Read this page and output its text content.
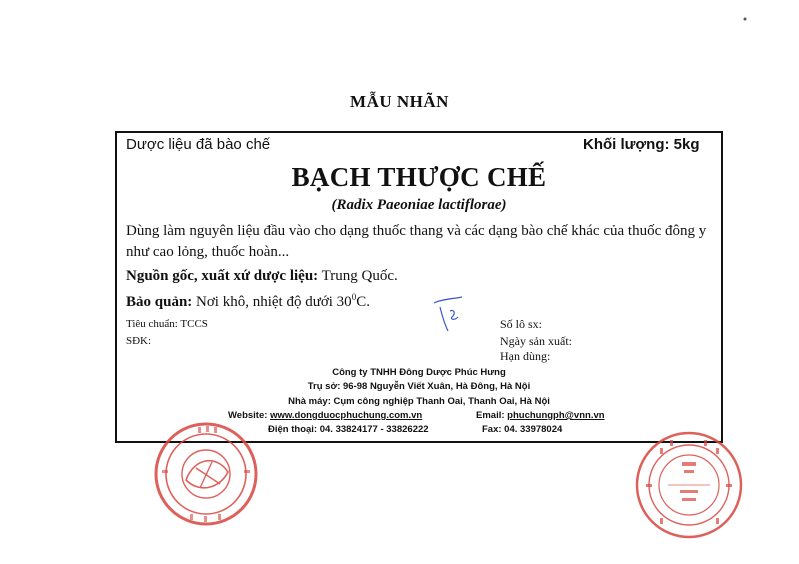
MẪU NHÃN
Dược liệu đã bào chế	Khối lượng: 5kg
BẠCH THƯỢC CHẾ
(Radix Paeoniae lactiflorae)
Dùng làm nguyên liệu đầu vào cho dạng thuốc thang và các dạng bào chế khác của thuốc đông y như cao lỏng, thuốc hoàn...
Nguồn gốc, xuất xứ dược liệu: Trung Quốc.
Bảo quản: Nơi khô, nhiệt độ dưới $30^0C$.
Tiêu chuẩn: TCCS
SĐK:
Số lô sx:
Ngày sản xuất:
Hạn dùng:
Công ty TNHH Đông Dược Phúc Hưng
Trụ sở: 96-98 Nguyễn Viết Xuân, Hà Đông, Hà Nội
Nhà máy: Cụm công nghiệp Thanh Oai, Thanh Oai, Hà Nội
Website: www.dongduocphuchung.com.vn	Email: phuchungph@vnn.vn
Điện thoại: 04. 33824177 - 33826222	Fax: 04. 33978024
